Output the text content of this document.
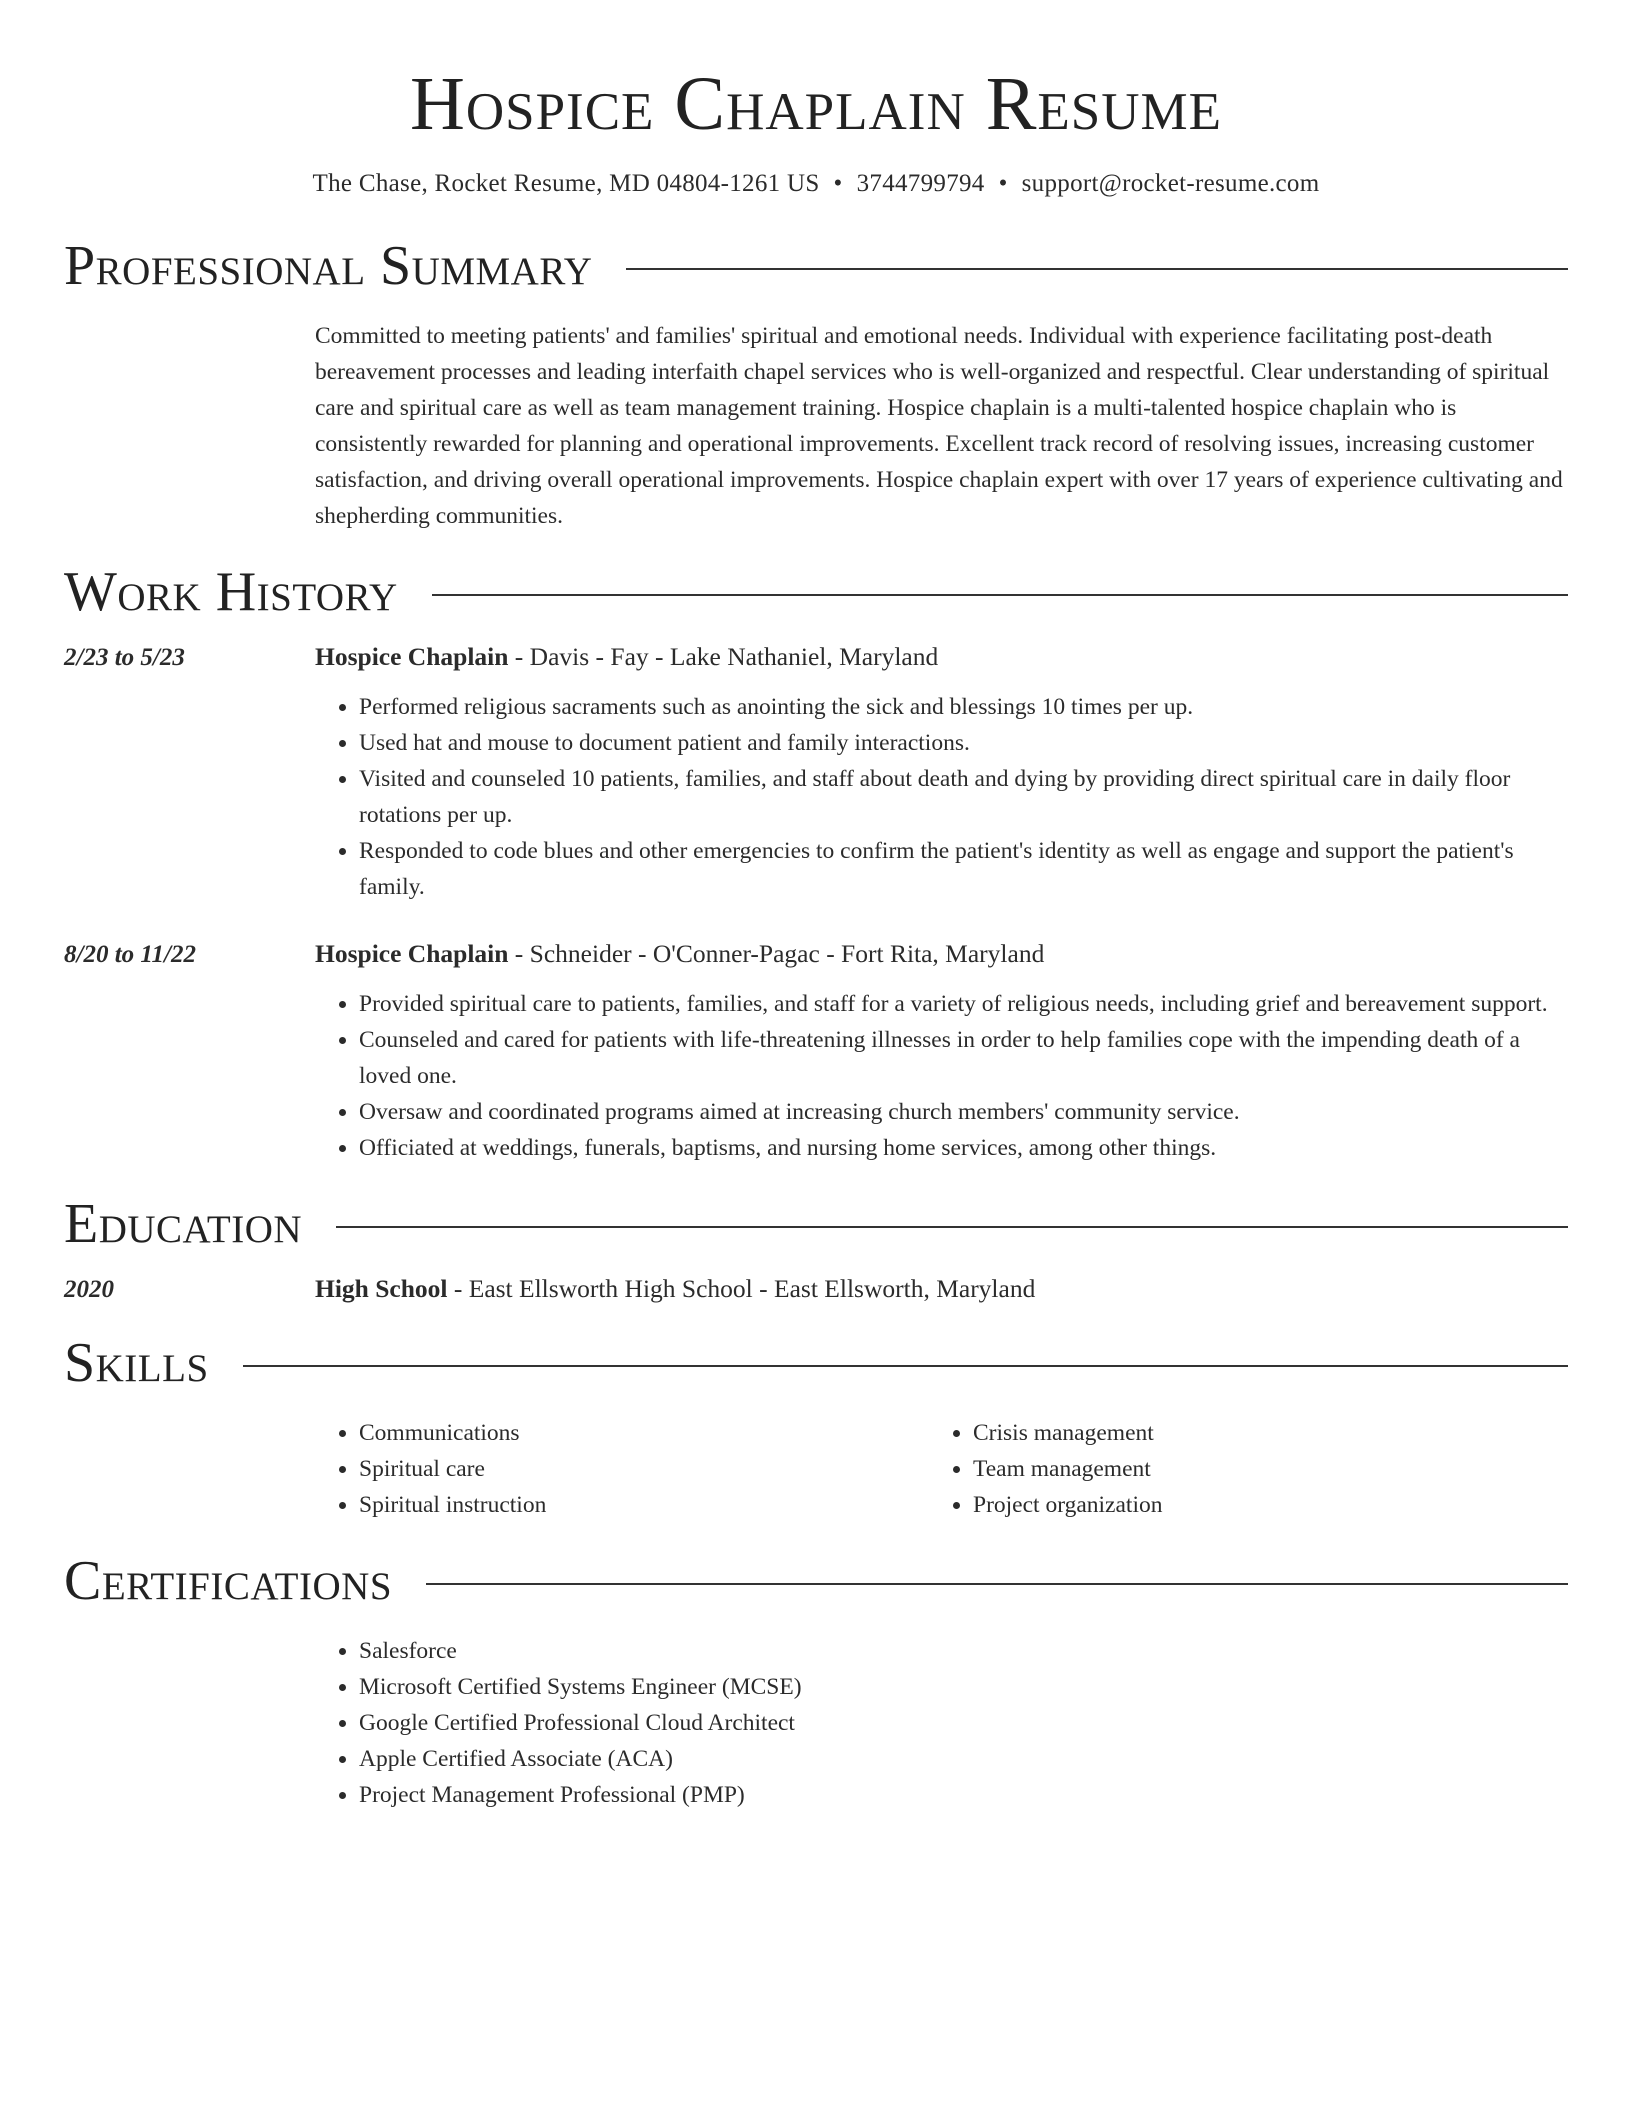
Hospice Chaplain Resume
The Chase, Rocket Resume, MD 04804-1261 US • 3744799794 • support@rocket-resume.com
Professional Summary
Committed to meeting patients' and families' spiritual and emotional needs. Individual with experience facilitating post-death bereavement processes and leading interfaith chapel services who is well-organized and respectful. Clear understanding of spiritual care and spiritual care as well as team management training. Hospice chaplain is a multi-talented hospice chaplain who is consistently rewarded for planning and operational improvements. Excellent track record of resolving issues, increasing customer satisfaction, and driving overall operational improvements. Hospice chaplain expert with over 17 years of experience cultivating and shepherding communities.
Work History
2/23 to 5/23	Hospice Chaplain - Davis - Fay - Lake Nathaniel, Maryland
• Performed religious sacraments such as anointing the sick and blessings 10 times per up.
• Used hat and mouse to document patient and family interactions.
• Visited and counseled 10 patients, families, and staff about death and dying by providing direct spiritual care in daily floor rotations per up.
• Responded to code blues and other emergencies to confirm the patient's identity as well as engage and support the patient's family.
8/20 to 11/22	Hospice Chaplain - Schneider - O'Conner-Pagac - Fort Rita, Maryland
• Provided spiritual care to patients, families, and staff for a variety of religious needs, including grief and bereavement support.
• Counseled and cared for patients with life-threatening illnesses in order to help families cope with the impending death of a loved one.
• Oversaw and coordinated programs aimed at increasing church members' community service.
• Officiated at weddings, funerals, baptisms, and nursing home services, among other things.
Education
2020	High School - East Ellsworth High School - East Ellsworth, Maryland
Skills
• Communications
• Spiritual care
• Spiritual instruction
• Crisis management
• Team management
• Project organization
Certifications
• Salesforce
• Microsoft Certified Systems Engineer (MCSE)
• Google Certified Professional Cloud Architect
• Apple Certified Associate (ACA)
• Project Management Professional (PMP)
